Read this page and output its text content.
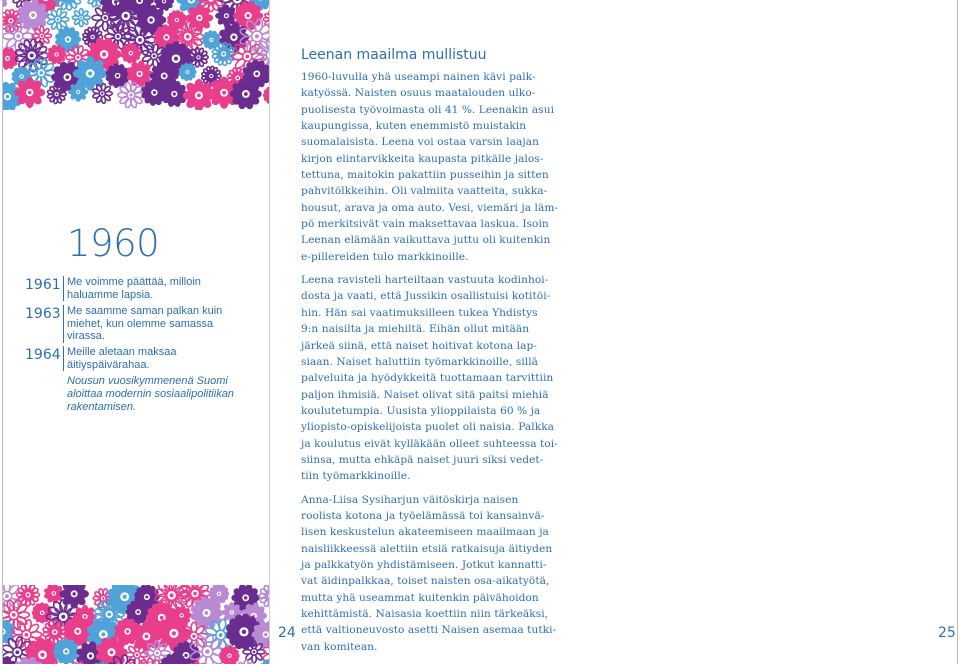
1960
1961 Me voimme päättää, milloin
haluamme lapsia.
1963 Me saamme saman palkan kuin
miehet, kun olemme samassa
virassa.
1964 Meille aletaan maksaa
äitiyspäivärahaa.
Nousun vuosikymmenenä Suomi
aloittaa modernin sosiaalipolitiikan
rakentamisen.
24
Leenan maailma mullistuu

1960-luvulla yhä useampi nainen kävi palk-
katyössä. Naisten osuus maatalouden ulko-
puolisesta työvoimasta oli 41 %. Leenakin asui
kaupungissa, kuten enemmistö muistakin
suomalaisista. Leena voi ostaa varsin laajan
kirjon elintarvikkeita kaupasta pitkälle jalos-
tettuna, maitokin pakattiin pusseihin ja sitten
pahvitölkkeihin. Oli valmiita vaatteita, sukka-
housut, arava ja oma auto. Vesi, viemäri ja läm-
pö merkitsivät vain maksettavaa laskua. Isoin
Leenan elämään vaikuttava juttu oli kuitenkin
e-pillereiden tulo markkinoille.

Leena ravisteli harteiltaan vastuuta kodinhoi-
dosta ja vaati, että Jussikin osallistuisi kotitöi-
hin. Hän sai vaatimuksilleen tukea Yhdistys
9:n naisilta ja miehiltä. Eihän ollut mitään
järkeä siinä, että naiset hoitivat kotona lap-
siaan. Naiset haluttiin työmarkkinoille, sillä
palveluita ja hyödykkeitä tuottamaan tarvittiin
paljon ihmisiä. Naiset olivat sitä paitsi miehiä
koulutetumpia. Uusista ylioppilaista 60 % ja
yliopisto-opiskelijoista puolet oli naisia. Palkka
ja koulutus eivät kylläkään olleet suhteessa toi-
siinsa, mutta ehkäpä naiset juuri siksi vedet-
tiin työmarkkinoille.

Anna-Liisa Sysiharjun väitöskirja naisen
roolista kotona ja työelämässä toi kansainvä-
lisen keskustelun akateemiseen maailmaan ja
naisliikkeessä alettiin etsiä ratkaisuja äitiyden
ja palkkatyön yhdistämiseen. Jotkut kannatti-
vat äidinpalkkaa, toiset naisten osa-aikatyötä,
mutta yhä useammat kuitenkin päivähoidon
kehittämistä. Naisasia koettiin niin tärkeäksi,
että valtioneuvosto asetti Naisen asemaa tutki-
van komitean.

25
